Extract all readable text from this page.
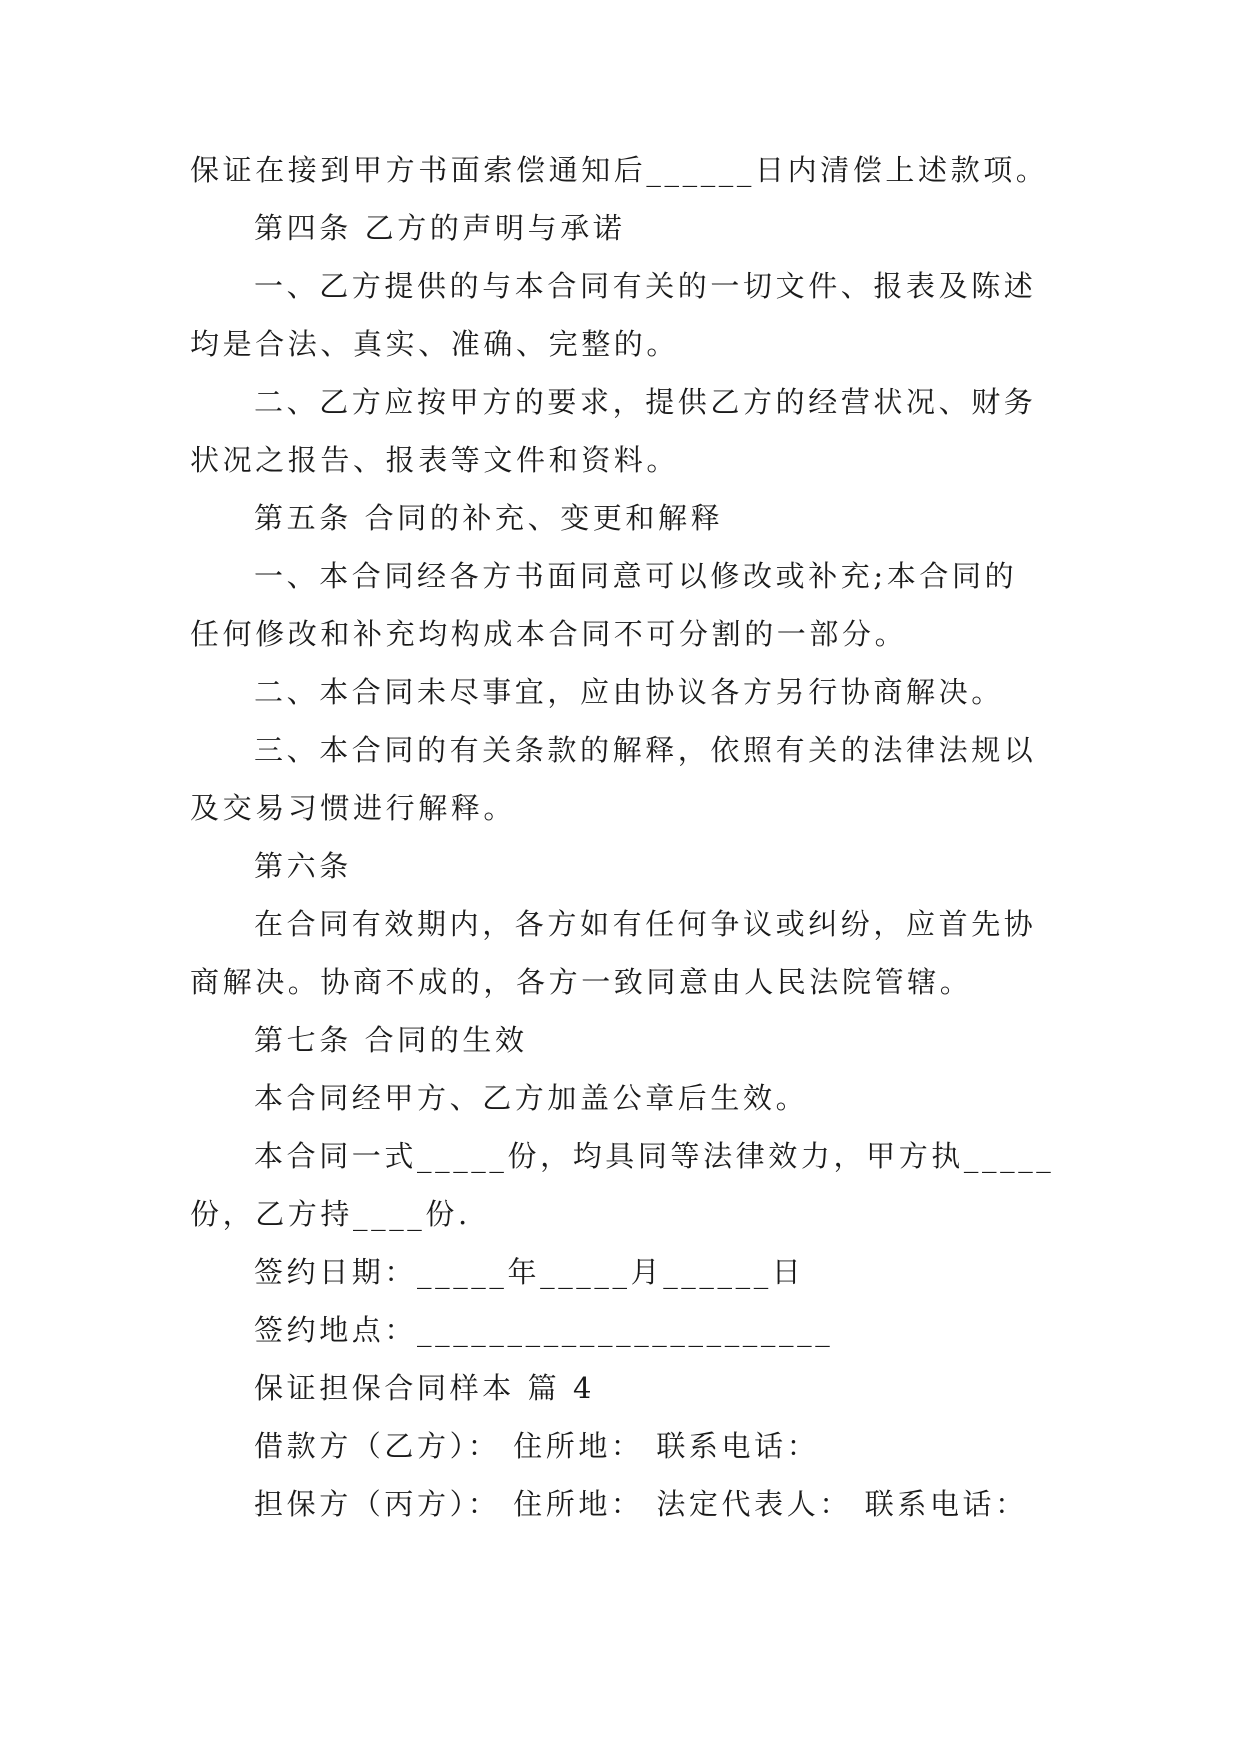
保证在接到甲方书面索偿通知后______日内清偿上述款项。
第四条 乙方的声明与承诺
一、乙方提供的与本合同有关的一切文件、报表及陈述
均是合法、真实、准确、完整的。
二、乙方应按甲方的要求，提供乙方的经营状况、财务
状况之报告、报表等文件和资料。
第五条 合同的补充、变更和解释
一、本合同经各方书面同意可以修改或补充;本合同的
任何修改和补充均构成本合同不可分割的一部分。
二、本合同未尽事宜，应由协议各方另行协商解决。
三、本合同的有关条款的解释，依照有关的法律法规以
及交易习惯进行解释。
第六条
在合同有效期内，各方如有任何争议或纠纷，应首先协
商解决。协商不成的，各方一致同意由人民法院管辖。
第七条 合同的生效
本合同经甲方、乙方加盖公章后生效。
本合同一式_____份，均具同等法律效力，甲方执_____
份，乙方持____份.
签约日期：_____年_____月______日
签约地点：_______________________
保证担保合同样本 篇 4
借款方（乙方）： 住所地： 联系电话：
担保方（丙方）： 住所地： 法定代表人： 联系电话：
